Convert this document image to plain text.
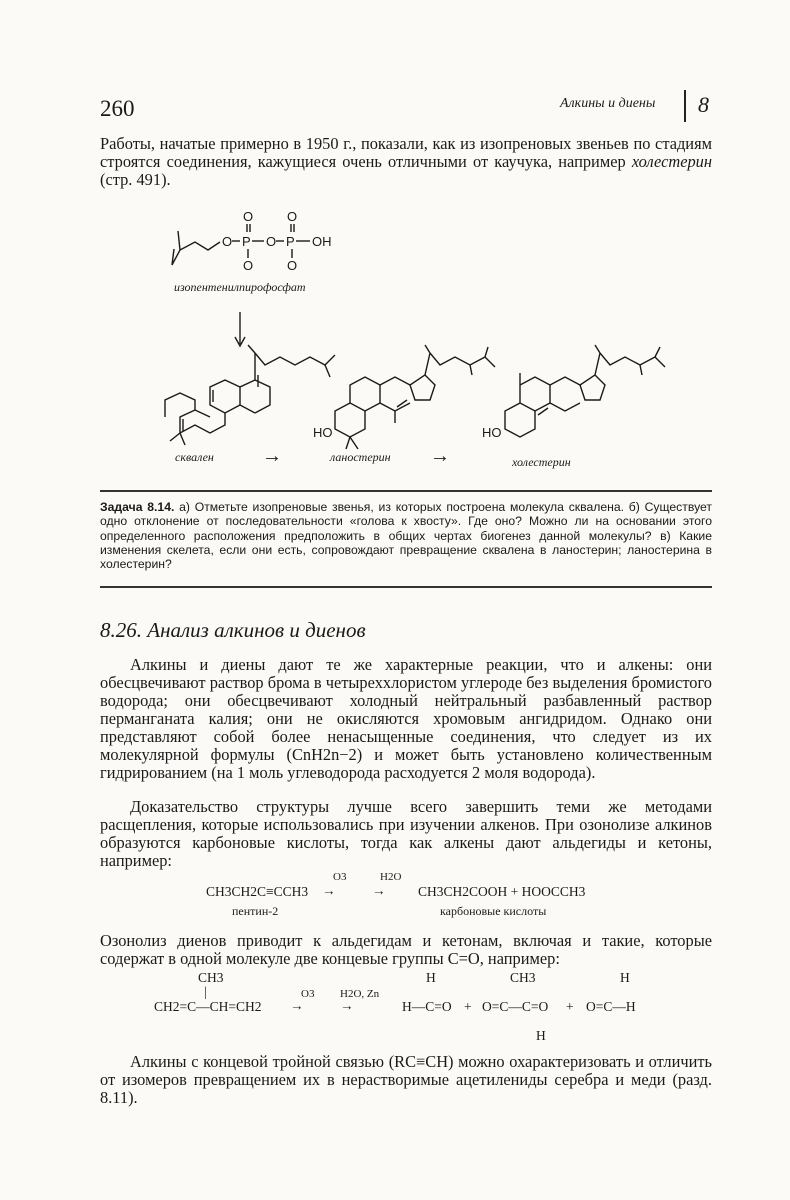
260	Алкины и диены 8
Работы, начатые примерно в 1950 г., показали, как из изопреновых звеньев по стадиям строятся соединения, кажущиеся очень отличными от каучука, например холестерин (стр. 491).
O P
O
O
O P
O
O
OH
изопентенилпирофосфат
HO	HO
сквален →	ланостерин →	холестерин
Задача 8.14. а) Отметьте изопреновые звенья, из которых построена молекула сквалена. б) Существует одно отклонение от последовательности «голова к хвосту». Где оно? Можно ли на основании этого определенного расположения предположить в общих чертах биогенез данной молекулы? в) Какие изменения скелета, если они есть, сопровождают превращение сквалена в ланостерин; ланостерина в холестерин?
8.26. Анализ алкинов и диенов
Алкины и диены дают те же характерные реакции, что и алкены: они обесцвечивают раствор брома в четыреххлористом углероде без выделения бромистого водорода; они обесцвечивают холодный нейтральный разбавленный раствор перманганата калия; они не окисляются хромовым ангидридом. Однако они представляют собой более ненасыщенные соединения, что следует из их молекулярной формулы (CnH2n−2) и может быть установлено количественным гидрированием (на 1 моль углеводорода расходуется 2 моля водорода).
Доказательство структуры лучше всего завершить теми же методами расщепления, которые использовались при изучении алкенов. При озонолизе алкинов образуются карбоновые кислоты, тогда как алкены дают альдегиды и кетоны, например:
CH3CH2C≡CCH3
O3
→
H2O
→ CH3CH2COOH + HOOCCH3
пентин-2	карбоновые кислоты
Озонолиз диенов приводит к альдегидам и кетонам, включая и такие, которые содержат в одной молекуле две концевые группы C=O, например:
CH3
|
CH2=C—CH=CH2
O3
→
H2O, Zn
→
H
H—C=O +
CH3
O=C—C=O
H
+
H
O=C—H
Алкины с концевой тройной связью (RC≡CH) можно охарактеризовать и отличить от изомеров превращением их в нерастворимые ацетилениды серебра и меди (разд. 8.11).
